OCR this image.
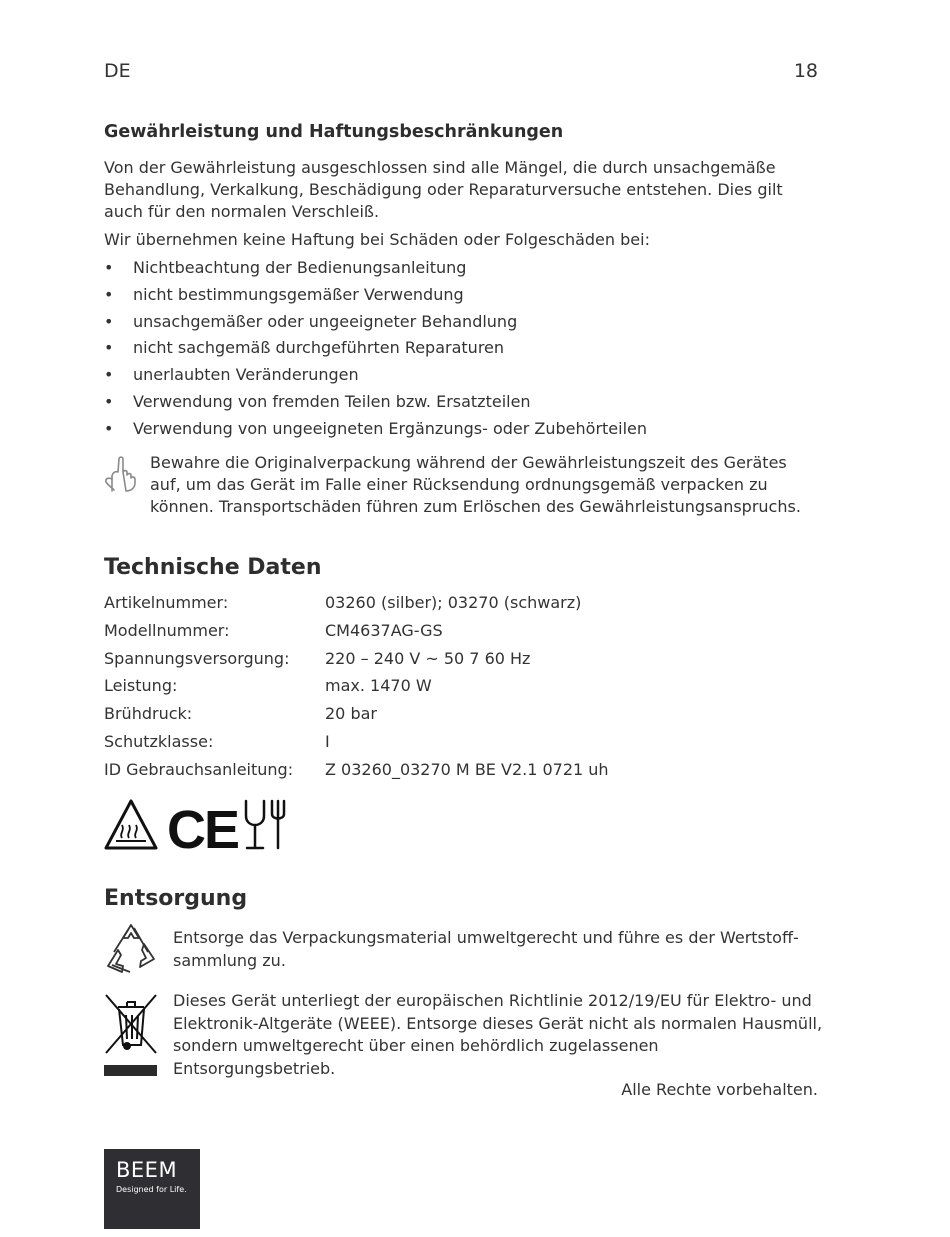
DE	18
Gewährleistung und Haftungsbeschränkungen
Von der Gewährleistung ausgeschlossen sind alle Mängel, die durch unsachgemäße Behandlung, Verkalkung, Beschädigung oder Reparaturversuche entstehen. Dies gilt auch für den normalen Verschleiß.
Wir übernehmen keine Haftung bei Schäden oder Folgeschäden bei:
• Nichtbeachtung der Bedienungsanleitung
• nicht bestimmungsgemäßer Verwendung
• unsachgemäßer oder ungeeigneter Behandlung
• nicht sachgemäß durchgeführten Reparaturen
• unerlaubten Veränderungen
• Verwendung von fremden Teilen bzw. Ersatzteilen
• Verwendung von ungeeigneten Ergänzungs- oder Zubehörteilen
Bewahre die Originalverpackung während der Gewährleistungszeit des Gerätes auf, um das Gerät im Falle einer Rücksendung ordnungsgemäß verpacken zu können. Transportschäden führen zum Erlöschen des Gewährleistungsanspruchs.
Technische Daten
Artikelnummer:	03260 (silber); 03270 (schwarz)
Modellnummer:	CM4637AG-GS
Spannungsversorgung:	220 – 240 V ~ 50 7 60 Hz
Leistung:	max. 1470 W
Brühdruck:	20 bar
Schutzklasse:	I
ID Gebrauchsanleitung:	Z 03260_03270 M BE V2.1 0721 uh
CE
Entsorgung
Entsorge das Verpackungsmaterial umweltgerecht und führe es der Wertstoff-sammlung zu.
Dieses Gerät unterliegt der europäischen Richtlinie 2012/19/EU für Elektro- und Elektronik-Altgeräte (WEEE). Entsorge dieses Gerät nicht als normalen Hausmüll, sondern umweltgerecht über einen behördlich zugelassenen Entsorgungsbetrieb.
Alle Rechte vorbehalten.
BEEM
Designed for Life.
